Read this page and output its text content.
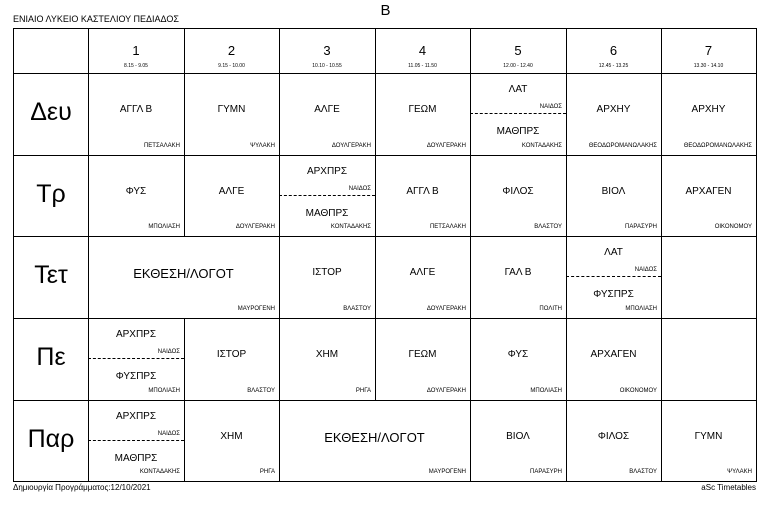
ΕΝΙΑΙΟ ΛΥΚΕΙΟ ΚΑΣΤΕΛΙΟΥ ΠΕΔΙΑΔΟΣ	B
1
8.15 - 9.05
2
9.15 - 10.00
3
10.10 - 10.55
4
11.05 - 11.50
5
12.00 - 12.40
6
12.45 - 13.25
7
13.30 - 14.10
Δευ
Τρ
Τετ
Πε
Παρ
ΑΓΓΛ Β
ΠΕΤΣΑΛΑΚΗ
ΓΥΜΝ
ΨΥΛΑΚΗ
ΑΛΓΕ
ΔΟΥΛΓΕΡΑΚΗ
ΓΕΩΜ
ΔΟΥΛΓΕΡΑΚΗ
ΛΑΤ
ΝΑΙΔΟΣ
ΜΑΘΠΡΣ
ΚΟΝΤΑΔΑΚΗΣ
ΑΡΧΗΥ
ΘΕΟΔΩΡΟΜΑΝΩΛΑΚΗΣ
ΑΡΧΗΥ
ΘΕΟΔΩΡΟΜΑΝΩΛΑΚΗΣ
ΦΥΣ
ΜΠΟΛΙΑΣΗ
ΑΛΓΕ
ΔΟΥΛΓΕΡΑΚΗ
ΑΡΧΠΡΣ
ΝΑΙΔΟΣ
ΜΑΘΠΡΣ
ΚΟΝΤΑΔΑΚΗΣ
ΑΓΓΛ Β
ΠΕΤΣΑΛΑΚΗ
ΦΙΛΟΣ
ΒΛΑΣΤΟΥ
ΒΙΟΛ
ΠΑΡΑΣΥΡΗ
ΑΡΧΑΓΕΝ
ΟΙΚΟΝΟΜΟΥ
ΕΚΘΕΣΗ/ΛΟΓΟΤ
ΜΑΥΡΟΓΕΝΗ
ΙΣΤΟΡ
ΒΛΑΣΤΟΥ
ΑΛΓΕ
ΔΟΥΛΓΕΡΑΚΗ
ΓΑΛ Β
ΠΟΛΙΤΗ
ΛΑΤ
ΝΑΙΔΟΣ
ΦΥΣΠΡΣ
ΜΠΟΛΙΑΣΗ
ΑΡΧΠΡΣ
ΝΑΙΔΟΣ
ΦΥΣΠΡΣ
ΜΠΟΛΙΑΣΗ
ΙΣΤΟΡ
ΒΛΑΣΤΟΥ
ΧΗΜ
ΡΗΓΑ
ΓΕΩΜ
ΔΟΥΛΓΕΡΑΚΗ
ΦΥΣ
ΜΠΟΛΙΑΣΗ
ΑΡΧΑΓΕΝ
ΟΙΚΟΝΟΜΟΥ
ΑΡΧΠΡΣ
ΝΑΙΔΟΣ
ΜΑΘΠΡΣ
ΚΟΝΤΑΔΑΚΗΣ
ΧΗΜ
ΡΗΓΑ
ΕΚΘΕΣΗ/ΛΟΓΟΤ
ΜΑΥΡΟΓΕΝΗ
ΒΙΟΛ
ΠΑΡΑΣΥΡΗ
ΦΙΛΟΣ
ΒΛΑΣΤΟΥ
ΓΥΜΝ
ΨΥΛΑΚΗ
Δημιουργία Προγράμματος:12/10/2021	aSc Timetables
